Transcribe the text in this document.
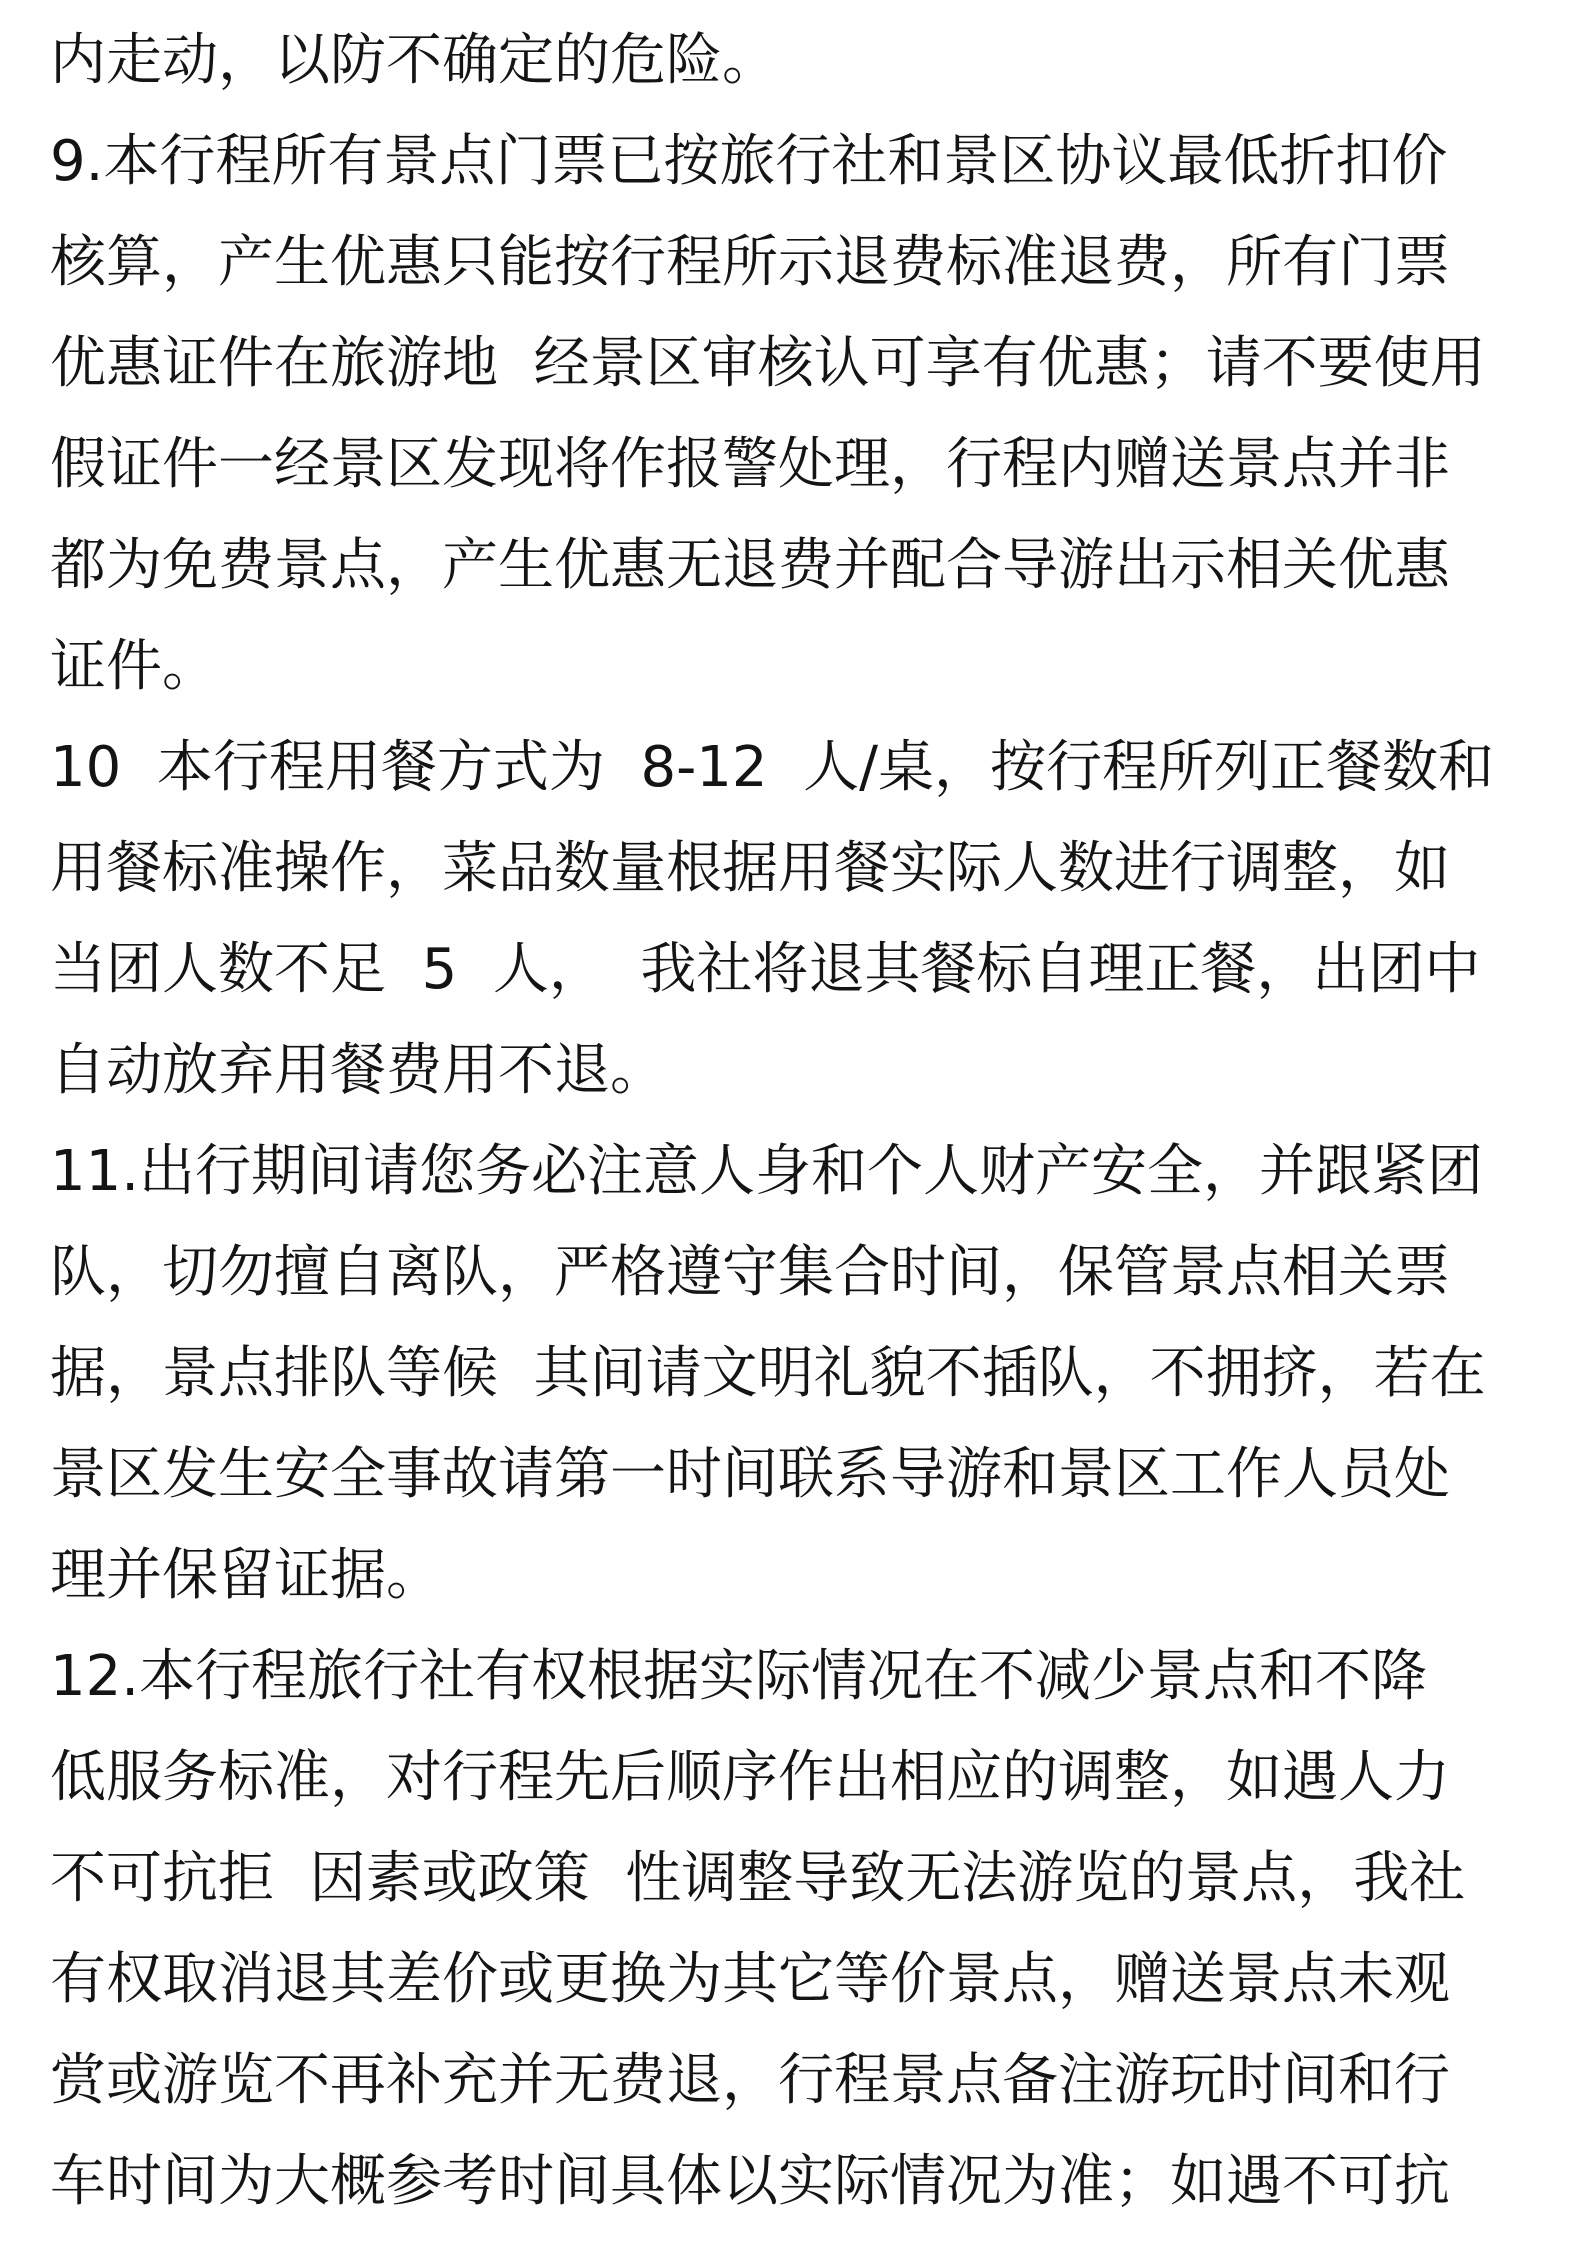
内走动，以防不确定的危险。
9.本行程所有景点门票已按旅行社和景区协议最低折扣价
核算，产生优惠只能按行程所示退费标准退费，所有门票
优惠证件在旅游地  经景区审核认可享有优惠；请不要使用
假证件一经景区发现将作报警处理，行程内赠送景点并非
都为免费景点，产生优惠无退费并配合导游出示相关优惠
证件。
10  本行程用餐方式为  8-12  人/桌，按行程所列正餐数和
用餐标准操作，菜品数量根据用餐实际人数进行调整，如
当团人数不足  5  人，  我社将退其餐标自理正餐，出团中
自动放弃用餐费用不退。
11.出行期间请您务必注意人身和个人财产安全，并跟紧团
队，切勿擅自离队，严格遵守集合时间，保管景点相关票
据，景点排队等候  其间请文明礼貌不插队，不拥挤，若在
景区发生安全事故请第一时间联系导游和景区工作人员处
理并保留证据。
12.本行程旅行社有权根据实际情况在不减少景点和不降
低服务标准，对行程先后顺序作出相应的调整，如遇人力
不可抗拒  因素或政策  性调整导致无法游览的景点，我社
有权取消退其差价或更换为其它等价景点，赠送景点未观
赏或游览不再补充并无费退，行程景点备注游玩时间和行
车时间为大概参考时间具体以实际情况为准；如遇不可抗
